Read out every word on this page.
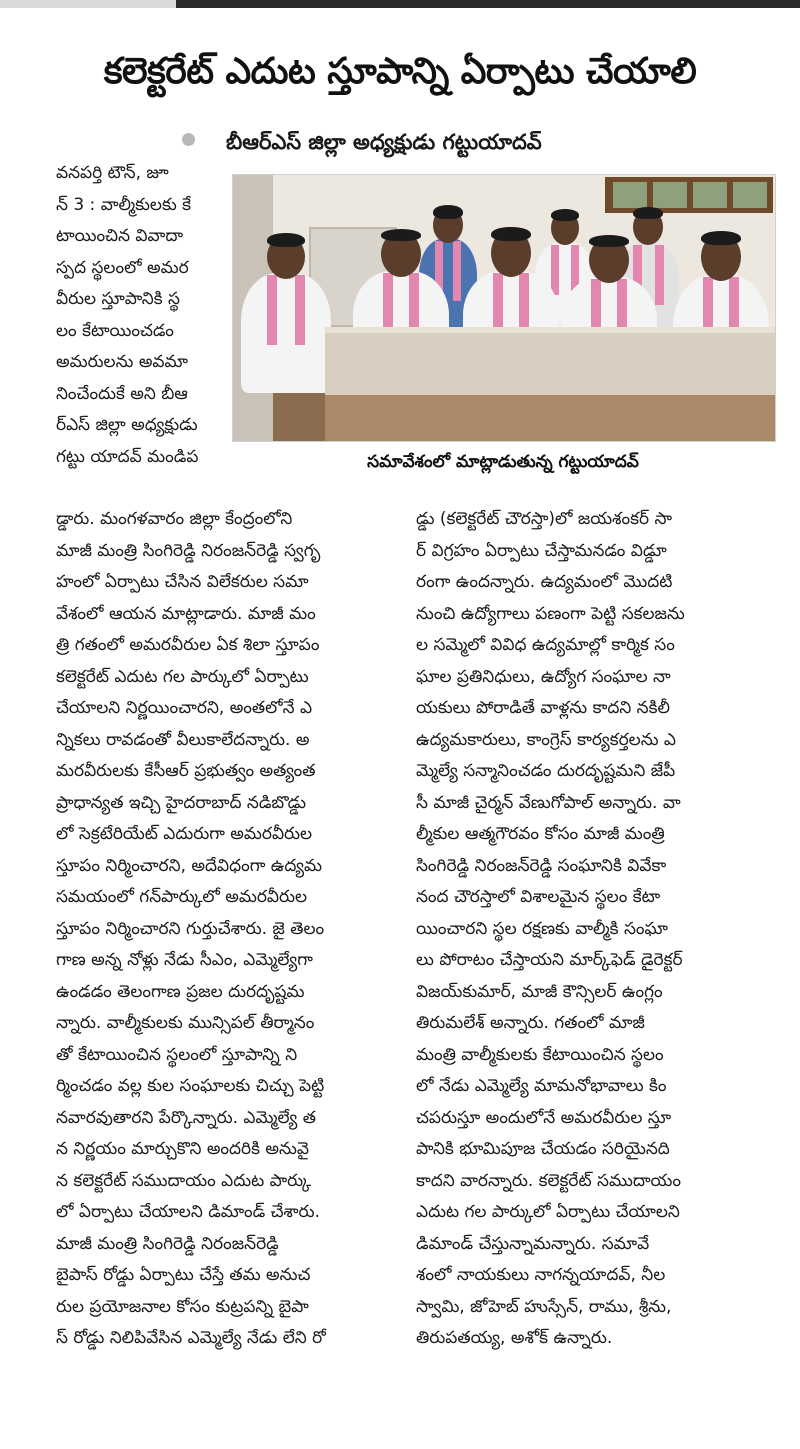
కలెక్టరేట్ ఎదుట స్తూపాన్ని ఏర్పాటు చేయాలి
బీఆర్ఎస్ జిల్లా అధ్యక్షుడు గట్టుయాదవ్
వనపర్తి టౌన్, జూ
న్ 3 : వాల్మీకులకు కే
టాయించిన వివాదా
స్పద స్థలంలో అమర
వీరుల స్తూపానికి స్థ
లం కేటాయించడం
అమరులను అవమా
నించేందుకే అని బీఆ
ర్ఎస్ జిల్లా అధ్యక్షుడు
గట్టు యాదవ్ మండిప	సమావేశంలో మాట్లాడుతున్న గట్టుయాదవ్
డ్డారు. మంగళవారం జిల్లా కేంద్రంలోని
మాజీ మంత్రి సింగిరెడ్డి నిరంజన్‌రెడ్డి స్వగృ
హంలో ఏర్పాటు చేసిన విలేకరుల సమా
వేశంలో ఆయన మాట్లాడారు. మాజీ మం
త్రి గతంలో అమరవీరుల ఏక శిలా స్తూపం
కలెక్టరేట్ ఎదుట గల పార్కులో ఏర్పాటు
చేయాలని నిర్ణయించారని, అంతలోనే ఎ
న్నికలు రావడంతో వీలుకాలేదన్నారు. అ
మరవీరులకు కేసీఆర్ ప్రభుత్వం అత్యంత
ప్రాధాన్యత ఇచ్చి హైదరాబాద్ నడిబొడ్డు
లో సెక్రటేరియేట్ ఎదురుగా అమరవీరుల
స్తూపం నిర్మించారని, అదేవిధంగా ఉద్యమ
సమయంలో గన్‌పార్కులో అమరవీరుల
స్తూపం నిర్మించారని గుర్తుచేశారు. జై తెలం
గాణ అన్న నోళ్లు నేడు సీఎం, ఎమ్మెల్యేగా
ఉండడం తెలంగాణ ప్రజల దురదృష్టమ
న్నారు. వాల్మీకులకు మున్సిపల్ తీర్మానం
తో కేటాయించిన స్థలంలో స్తూపాన్ని ని
ర్మించడం వల్ల కుల సంఘాలకు చిచ్చు పెట్టి
నవారవుతారని పేర్కొన్నారు. ఎమ్మెల్యే త
న నిర్ణయం మార్చుకొని అందరికి అనువై
న కలెక్టరేట్ సముదాయం ఎదుట పార్కు
లో ఏర్పాటు చేయాలని డిమాండ్ చేశారు.
మాజీ మంత్రి సింగిరెడ్డి నిరంజన్‌రెడ్డి
బైపాస్ రోడ్డు ఏర్పాటు చేస్తే తమ అనుచ
రుల ప్రయోజనాల కోసం కుట్రపన్ని బైపా
స్ రోడ్డు నిలిపివేసిన ఎమ్మెల్యే నేడు లేని రో
డ్డు (కలెక్టరేట్ చౌరస్తా)లో జయశంకర్ సా
ర్ విగ్రహం ఏర్పాటు చేస్తామనడం విడ్డూ
రంగా ఉందన్నారు. ఉద్యమంలో మొదటి
నుంచి ఉద్యోగాలు పణంగా పెట్టి సకలజను
ల సమ్మెలో వివిధ ఉద్యమాల్లో కార్మిక సం
ఘాల ప్రతినిధులు, ఉద్యోగ సంఘాల నా
యకులు పోరాడితే వాళ్లను కాదని నకిలీ
ఉద్యమకారులు, కాంగ్రెస్ కార్యకర్తలను ఎ
మ్మెల్యే సన్మానించడం దురదృష్టమని జేపీ
సీ మాజీ చైర్మన్ వేణుగోపాల్ అన్నారు. వా
ల్మీకుల ఆత్మగౌరవం కోసం మాజీ మంత్రి
సింగిరెడ్డి నిరంజన్‌రెడ్డి సంఘానికి వివేకా
నంద చౌరస్తాలో విశాలమైన స్థలం కేటా
యించారని స్థల రక్షణకు వాల్మీకి సంఘా
లు పోరాటం చేస్తాయని మార్క్‌ఫెడ్ డైరెక్టర్
విజయ్‌కుమార్, మాజీ కౌన్సిలర్ ఉంగ్లం
తిరుమలేశ్ అన్నారు. గతంలో మాజీ
మంత్రి వాల్మీకులకు కేటాయించిన స్థలం
లో నేడు ఎమ్మెల్యే మామనోభావాలు కిం
చపరుస్తూ అందులోనే అమరవీరుల స్తూ
పానికి భూమిపూజ చేయడం సరియైనది
కాదని వారన్నారు. కలెక్టరేట్ సముదాయం
ఎదుట గల పార్కులో ఏర్పాటు చేయాలని
డిమాండ్ చేస్తున్నామన్నారు. సమావే
శంలో నాయకులు నాగన్నయాదవ్, నీల
స్వామి, జోహెబ్ హుస్సేన్, రాము, శ్రీను,
తిరుపతయ్య, అశోక్ ఉన్నారు.
